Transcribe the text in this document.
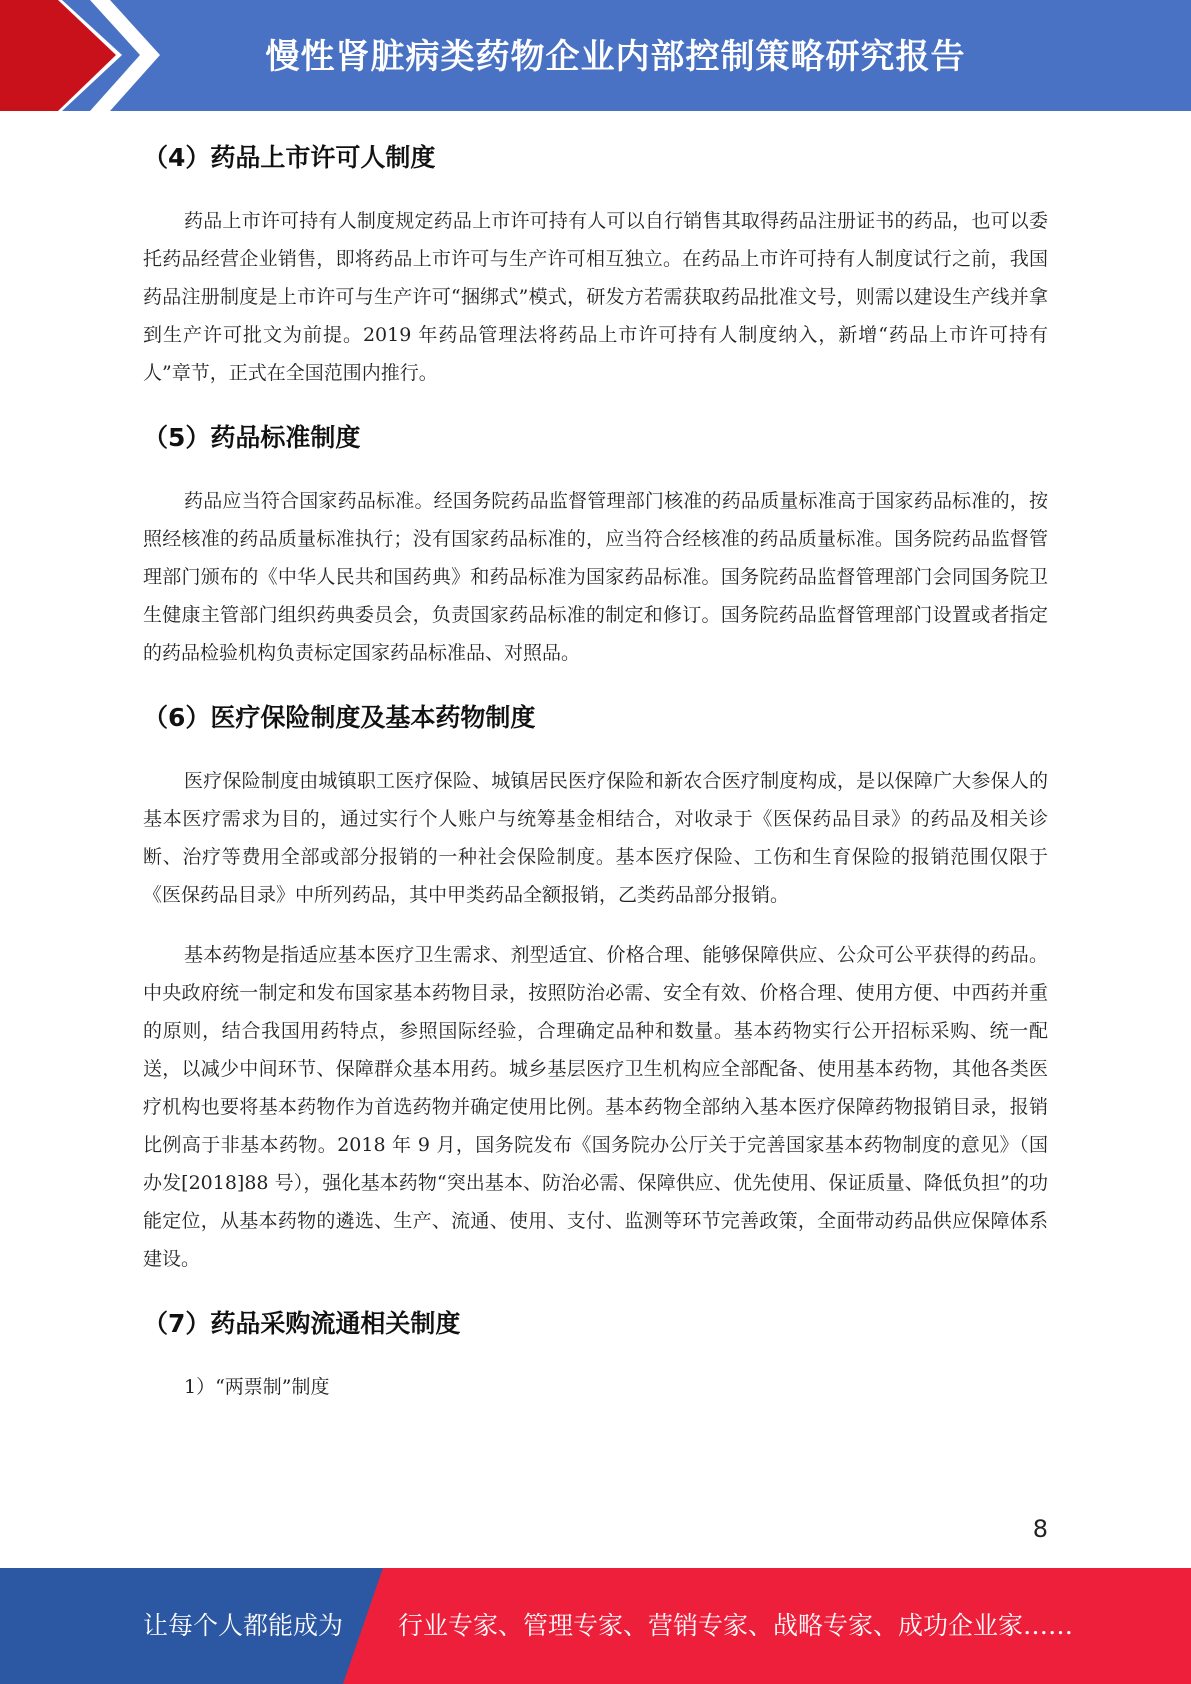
慢性肾脏病类药物企业内部控制策略研究报告
（4）药品上市许可人制度

药品上市许可持有人制度规定药品上市许可持有人可以自行销售其取得药品注册证书的药品，也可以委托药品经营企业销售，即将药品上市许可与生产许可相互独立。在药品上市许可持有人制度试行之前，我国药品注册制度是上市许可与生产许可“捆绑式”模式，研发方若需获取药品批准文号，则需以建设生产线并拿到生产许可批文为前提。2019 年药品管理法将药品上市许可持有人制度纳入，新增“药品上市许可持有人”章节，正式在全国范围内推行。

（5）药品标准制度

药品应当符合国家药品标准。经国务院药品监督管理部门核准的药品质量标准高于国家药品标准的，按照经核准的药品质量标准执行；没有国家药品标准的，应当符合经核准的药品质量标准。国务院药品监督管理部门颁布的《中华人民共和国药典》和药品标准为国家药品标准。国务院药品监督管理部门会同国务院卫生健康主管部门组织药典委员会，负责国家药品标准的制定和修订。国务院药品监督管理部门设置或者指定的药品检验机构负责标定国家药品标准品、对照品。

（6）医疗保险制度及基本药物制度

医疗保险制度由城镇职工医疗保险、城镇居民医疗保险和新农合医疗制度构成，是以保障广大参保人的基本医疗需求为目的，通过实行个人账户与统筹基金相结合，对收录于《医保药品目录》的药品及相关诊断、治疗等费用全部或部分报销的一种社会保险制度。基本医疗保险、工伤和生育保险的报销范围仅限于《医保药品目录》中所列药品，其中甲类药品全额报销，乙类药品部分报销。

基本药物是指适应基本医疗卫生需求、剂型适宜、价格合理、能够保障供应、公众可公平获得的药品。中央政府统一制定和发布国家基本药物目录，按照防治必需、安全有效、价格合理、使用方便、中西药并重的原则，结合我国用药特点，参照国际经验，合理确定品种和数量。基本药物实行公开招标采购、统一配送，以减少中间环节、保障群众基本用药。城乡基层医疗卫生机构应全部配备、使用基本药物，其他各类医疗机构也要将基本药物作为首选药物并确定使用比例。基本药物全部纳入基本医疗保障药物报销目录，报销比例高于非基本药物。2018 年 9 月，国务院发布《国务院办公厅关于完善国家基本药物制度的意见》（国办发[2018]88 号），强化基本药物“突出基本、防治必需、保障供应、优先使用、保证质量、降低负担”的功能定位，从基本药物的遴选、生产、流通、使用、支付、监测等环节完善政策，全面带动药品供应保障体系建设。

（7）药品采购流通相关制度
1）“两票制”制度
8
让每个人都能成为 行业专家、管理专家、营销专家、战略专家、成功企业家……
